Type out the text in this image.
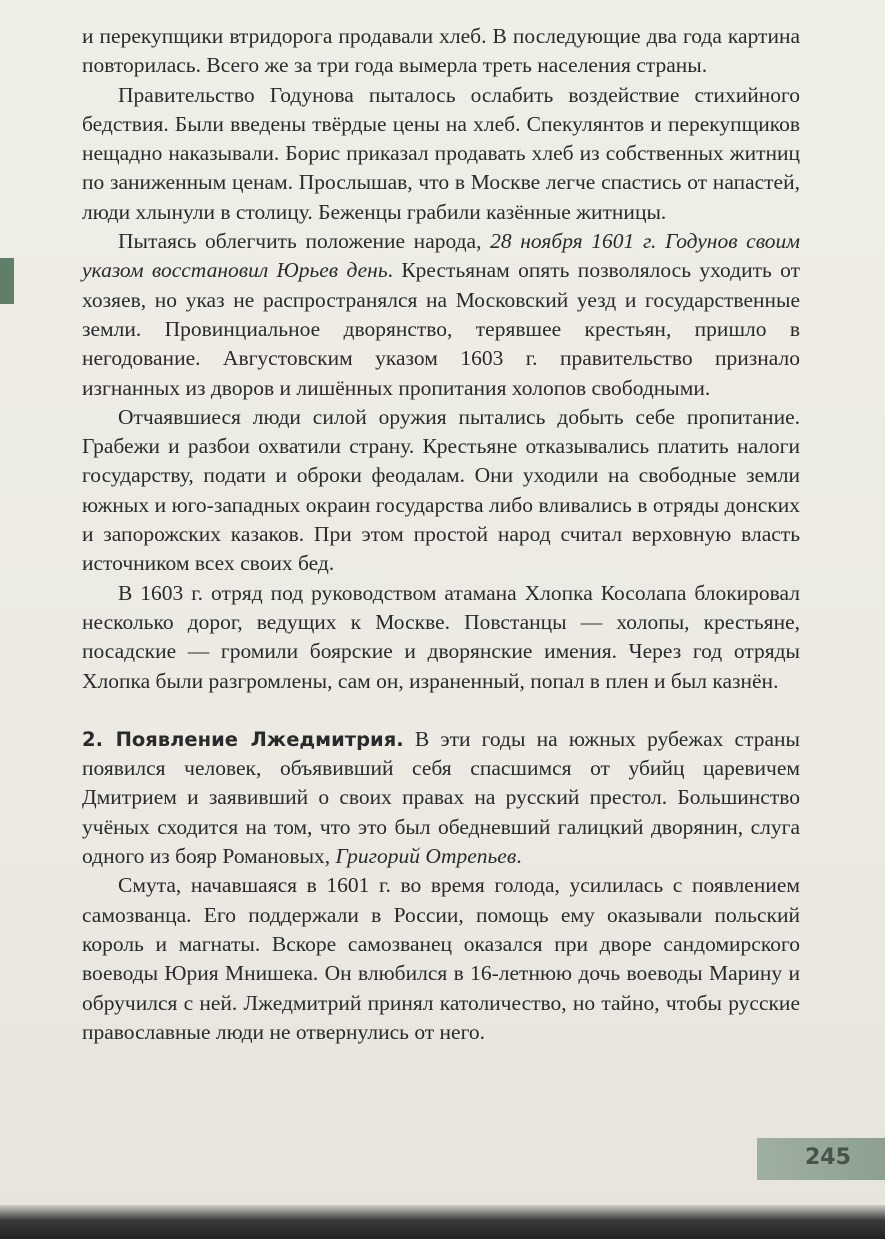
и перекупщики втридорога продавали хлеб. В последующие два года картина повторилась. Всего же за три года вымерла треть населения страны.

Правительство Годунова пыталось ослабить воздействие стихийного бедствия. Были введены твёрдые цены на хлеб. Спекулянтов и перекупщиков нещадно наказывали. Борис приказал продавать хлеб из собственных житниц по заниженным ценам. Прослышав, что в Москве легче спастись от напастей, люди хлынули в столицу. Беженцы грабили казённые житницы.

Пытаясь облегчить положение народа, 28 ноября 1601 г. Годунов своим указом восстановил Юрьев день. Крестьянам опять позволялось уходить от хозяев, но указ не распространялся на Московский уезд и государственные земли. Провинциальное дворянство, терявшее крестьян, пришло в негодование. Августовским указом 1603 г. правительство признало изгнанных из дворов и лишённых пропитания холопов свободными.

Отчаявшиеся люди силой оружия пытались добыть себе пропитание. Грабежи и разбои охватили страну. Крестьяне отказывались платить налоги государству, подати и оброки феодалам. Они уходили на свободные земли южных и юго-западных окраин государства либо вливались в отряды донских и запорожских казаков. При этом простой народ считал верховную власть источником всех своих бед.

В 1603 г. отряд под руководством атамана Хлопка Косолапа блокировал несколько дорог, ведущих к Москве. Повстанцы — холопы, крестьяне, посадские — громили боярские и дворянские имения. Через год отряды Хлопка были разгромлены, сам он, израненный, попал в плен и был казнён.

2. Появление Лжедмитрия. В эти годы на южных рубежах страны появился человек, объявивший себя спасшимся от убийц царевичем Дмитрием и заявивший о своих правах на русский престол. Большинство учёных сходится на том, что это был обедневший галицкий дворянин, слуга одного из бояр Романовых, Григорий Отрепьев.

Смута, начавшаяся в 1601 г. во время голода, усилилась с появлением самозванца. Его поддержали в России, помощь ему оказывали польский король и магнаты. Вскоре самозванец оказался при дворе сандомирского воеводы Юрия Мнишека. Он влюбился в 16-летнюю дочь воеводы Марину и обручился с ней. Лжедмитрий принял католичество, но тайно, чтобы русские православные люди не отвернулись от него.

245
